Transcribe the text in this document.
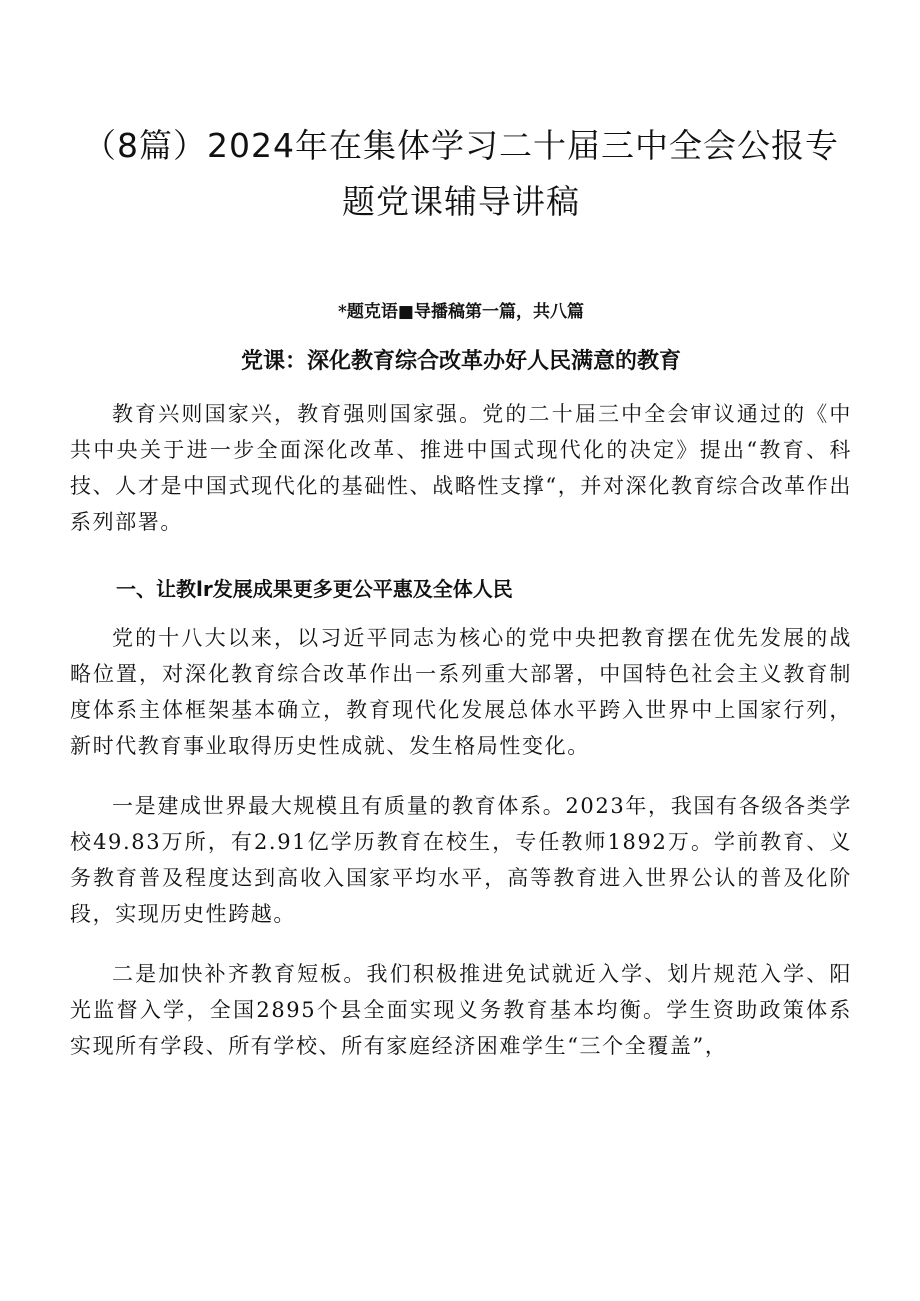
（8篇）2024年在集体学习二十届三中全会公报专
题党课辅导讲稿

*题克语■导播稿第一篇，共八篇

党课：深化教育综合改革办好人民满意的教育

教育兴则国家兴，教育强则国家强。党的二十届三中全会审议通过的《中共中央关于进一步全面深化改革、推进中国式现代化的决定》提出“教育、科技、人才是中国式现代化的基础性、战略性支撑“，并对深化教育综合改革作出系列部署。

一、让教lr发展成果更多更公平惠及全体人民

党的十八大以来，以习近平同志为核心的党中央把教育摆在优先发展的战略位置，对深化教育综合改革作出一系列重大部署，中国特色社会主义教育制度体系主体框架基本确立，教育现代化发展总体水平跨入世界中上国家行列，新时代教育事业取得历史性成就、发生格局性变化。

一是建成世界最大规模且有质量的教育体系。2023年，我国有各级各类学校49.83万所，有2.91亿学历教育在校生，专任教师1892万。学前教育、义务教育普及程度达到高收入国家平均水平，高等教育进入世界公认的普及化阶段，实现历史性跨越。

二是加快补齐教育短板。我们积极推进免试就近入学、划片规范入学、阳光监督入学，全国2895个县全面实现义务教育基本均衡。学生资助政策体系实现所有学段、所有学校、所有家庭经济困难学生“三个全覆盖”，
